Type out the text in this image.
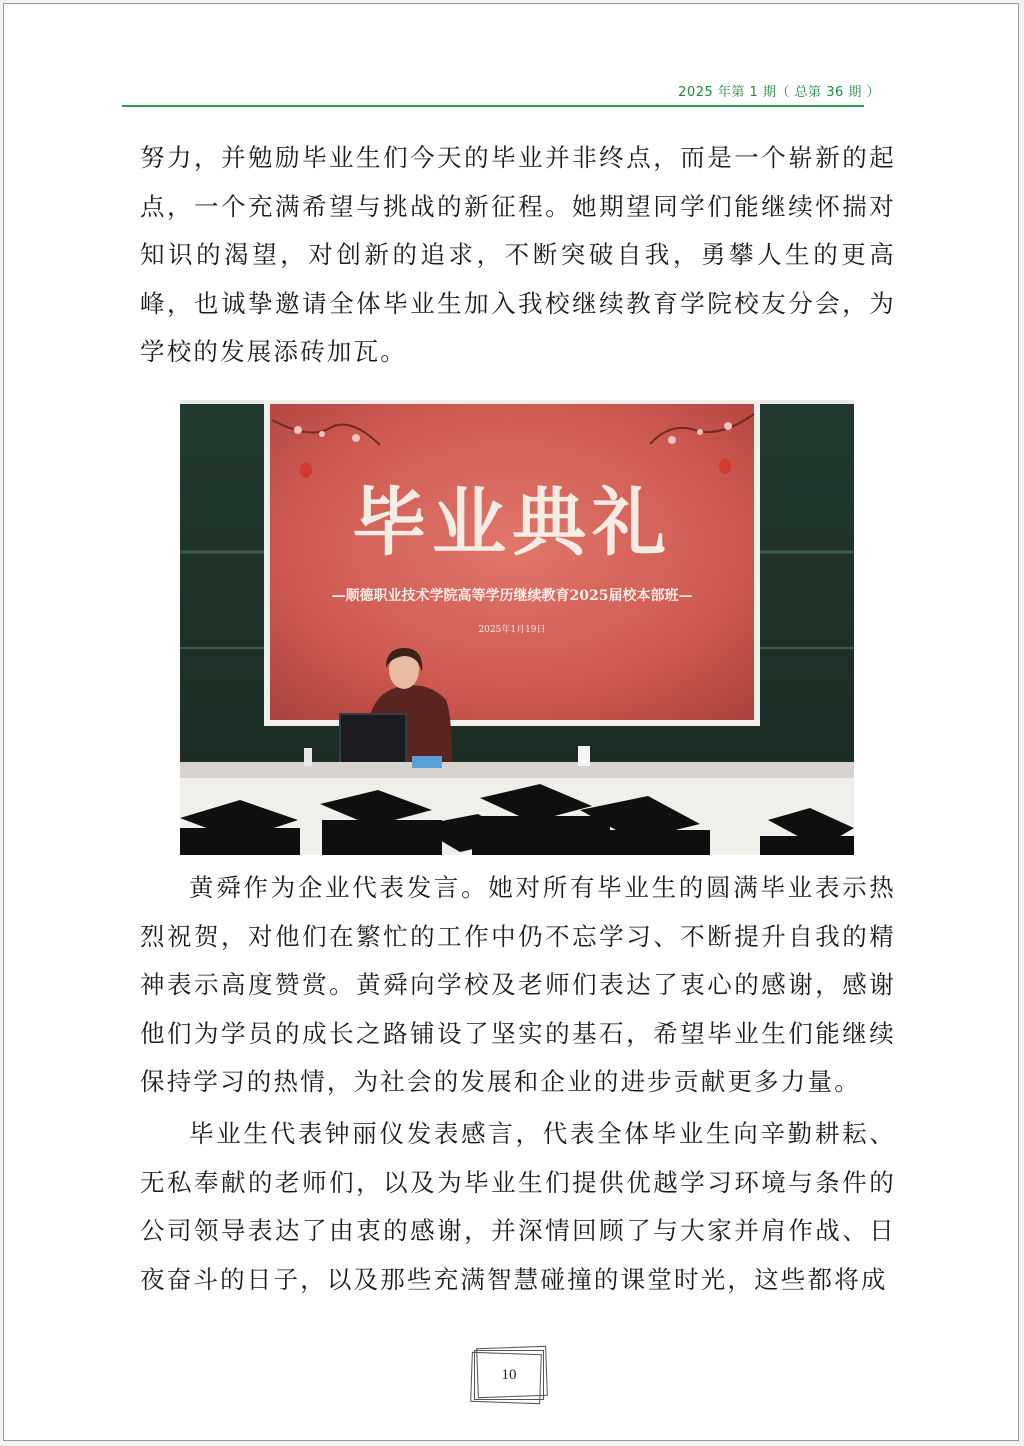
2025 年第 1 期（ 总第 36 期 ）

努力，并勉励毕业生们今天的毕业并非终点，而是一个崭新的起点，一个充满希望与挑战的新征程。她期望同学们能继续怀揣对知识的渴望，对创新的追求，不断突破自我，勇攀人生的更高峰，也诚挚邀请全体毕业生加入我校继续教育学院校友分会，为学校的发展添砖加瓦。

毕业典礼
—顺德职业技术学院高等学历继续教育2025届校本部班—
2025年1月19日

黄舜作为企业代表发言。她对所有毕业生的圆满毕业表示热烈祝贺，对他们在繁忙的工作中仍不忘学习、不断提升自我的精神表示高度赞赏。黄舜向学校及老师们表达了衷心的感谢，感谢他们为学员的成长之路铺设了坚实的基石，希望毕业生们能继续保持学习的热情，为社会的发展和企业的进步贡献更多力量。

毕业生代表钟丽仪发表感言，代表全体毕业生向辛勤耕耘、无私奉献的老师们，以及为毕业生们提供优越学习环境与条件的公司领导表达了由衷的感谢，并深情回顾了与大家并肩作战、日夜奋斗的日子，以及那些充满智慧碰撞的课堂时光，这些都将成

10
